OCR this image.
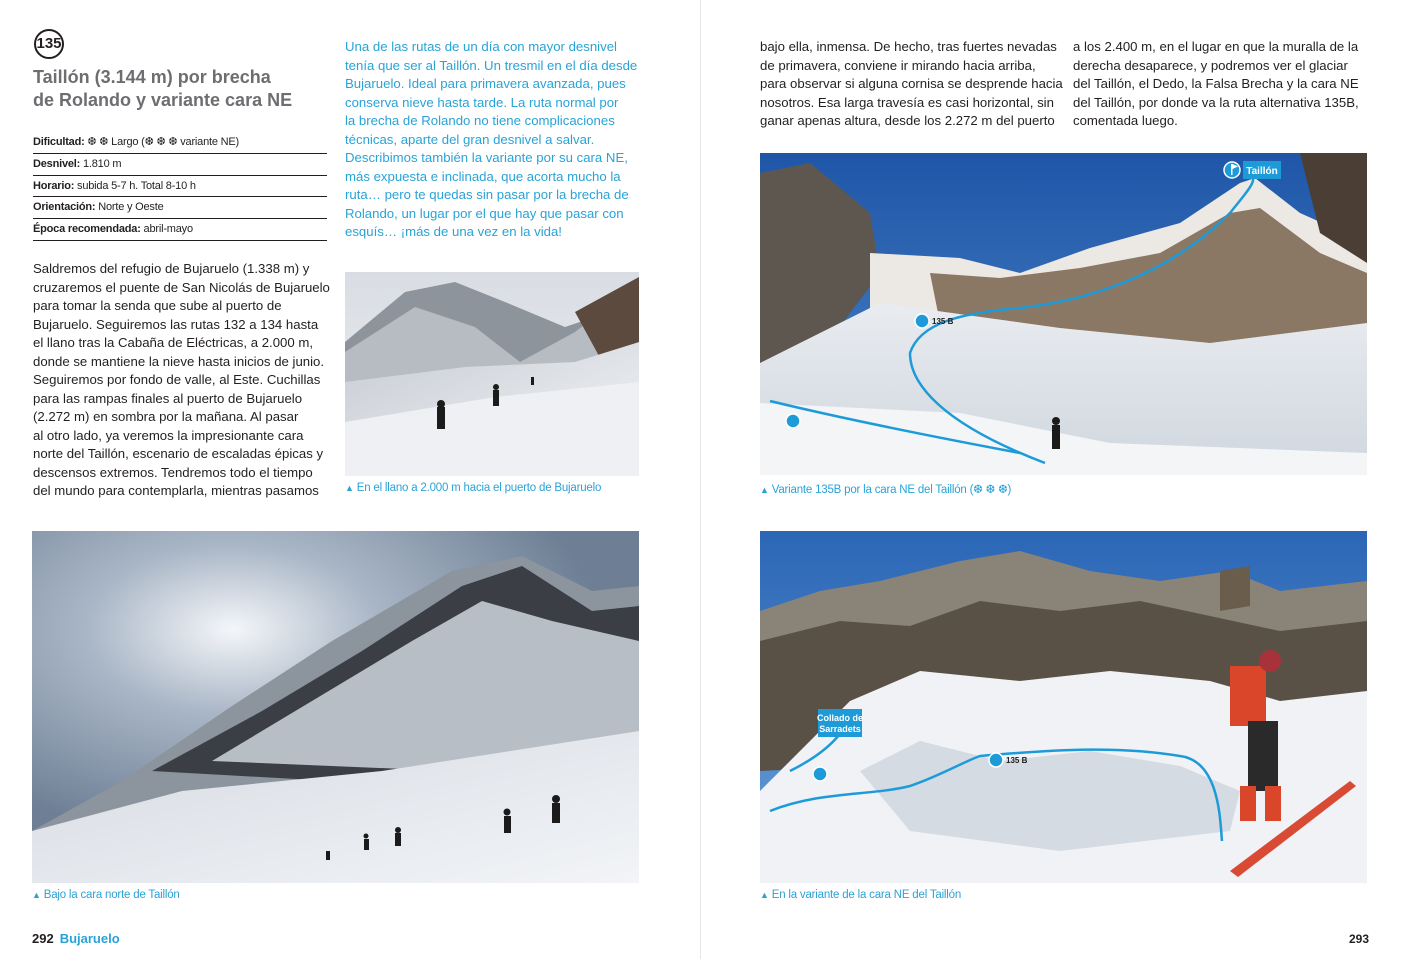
135
Taillón (3.144 m) por brecha
de Rolando y variante cara NE
Dificultad: ❆ ❆ Largo (❆ ❆ ❆ variante NE)
Desnivel: 1.810 m
Horario: subida 5-7 h. Total 8-10 h
Orientación: Norte y Oeste
Época recomendada: abril-mayo
Una de las rutas de un día con mayor desnivel
tenía que ser al Taillón. Un tresmil en el día desde
Bujaruelo. Ideal para primavera avanzada, pues
conserva nieve hasta tarde. La ruta normal por
la brecha de Rolando no tiene complicaciones
técnicas, aparte del gran desnivel a salvar.
Describimos también la variante por su cara NE,
más expuesta e inclinada, que acorta mucho la
ruta… pero te quedas sin pasar por la brecha de
Rolando, un lugar por el que hay que pasar con
esquís… ¡más de una vez en la vida!
Saldremos del refugio de Bujaruelo (1.338 m) y
cruzaremos el puente de San Nicolás de Bujaruelo
para tomar la senda que sube al puerto de
Bujaruelo. Seguiremos las rutas 132 a 134 hasta
el llano tras la Cabaña de Eléctricas, a 2.000 m,
donde se mantiene la nieve hasta inicios de junio.
Seguiremos por fondo de valle, al Este. Cuchillas
para las rampas finales al puerto de Bujaruelo
(2.272 m) en sombra por la mañana. Al pasar
al otro lado, ya veremos la impresionante cara
norte del Taillón, escenario de escaladas épicas y
descensos extremos. Tendremos todo el tiempo
del mundo para contemplarla, mientras pasamos
bajo ella, inmensa. De hecho, tras fuertes nevadas
de primavera, conviene ir mirando hacia arriba,
para observar si alguna cornisa se desprende hacia
nosotros. Esa larga travesía es casi horizontal, sin
ganar apenas altura, desde los 2.272 m del puerto
a los 2.400 m, en el lugar en que la muralla de la
derecha desaparece, y podremos ver el glaciar
del Taillón, el Dedo, la Falsa Brecha y la cara NE
del Taillón, por donde va la ruta alternativa 135B,
comentada luego.
▲ En el llano a 2.000 m hacia el puerto de Bujaruelo
135 B
Taillón
▲ Variante 135B por la cara NE del Taillón (❆ ❆ ❆)
▲ Bajo la cara norte de Taillón
135 B
Collado de
Sarradets
▲ En la variante de la cara NE del Taillón
292 Bujaruelo	293
